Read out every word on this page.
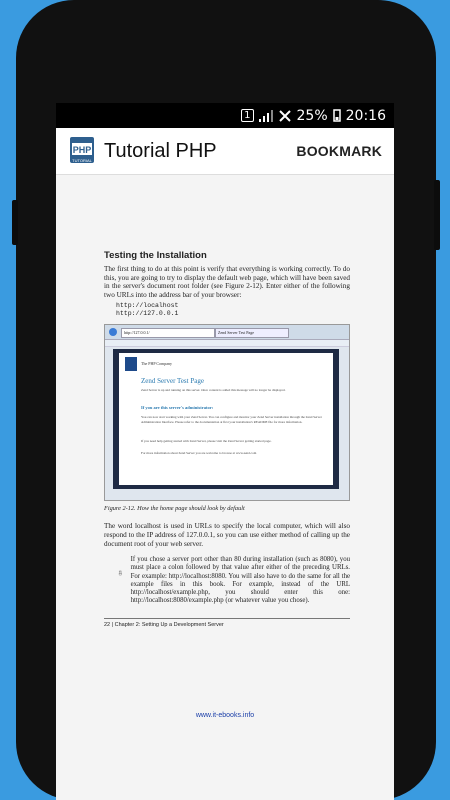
1	25% 20:16
PHP
TUTORIAL Tutorial PHP	BOOKMARK
Testing the Installation

The first thing to do at this point is verify that everything is working correctly. To do this, you are going to try to display the default web page, which will have been saved in the server's document root folder (see Figure 2-12). Enter either of the following two URLs into the address bar of your browser:

http://localhost
http://127.0.0.1
http://127.0.0.1/	Zend Server Test Page
The PHP Company
Zend Server Test Page
Zend Server is up and running on this server. Once content is added this message will no longer be displayed.
If you are this server's administrator:
You can now start working with your Zend Server. You can configure and monitor your Zend Server installation through the Zend Server Administration Interface. Please refer to the documentation at first your installation's README file for more information.
If you need help getting started with Zend Server, please visit the Zend Server getting started page.
For more information about Zend Server you are welcome to browse at www.zend.com
Figure 2-12. How the home page should look by default

The word localhost is used in URLs to specify the local computer, which will also respond to the IP address of 127.0.0.1, so you can use either method of calling up the document root of your web server.

If you chose a server port other than 80 during installation (such as 8080), you must place a colon followed by that value after either of the preceding URLs. For example: http://localhost:8080. You will also have to do the same for all the example files in this book. For example, instead of the URL http://localhost/example.php, you should enter this one: http://localhost:8080/example.php (or whatever value you chose).

22 | Chapter 2: Setting Up a Development Server
www.it-ebooks.info
